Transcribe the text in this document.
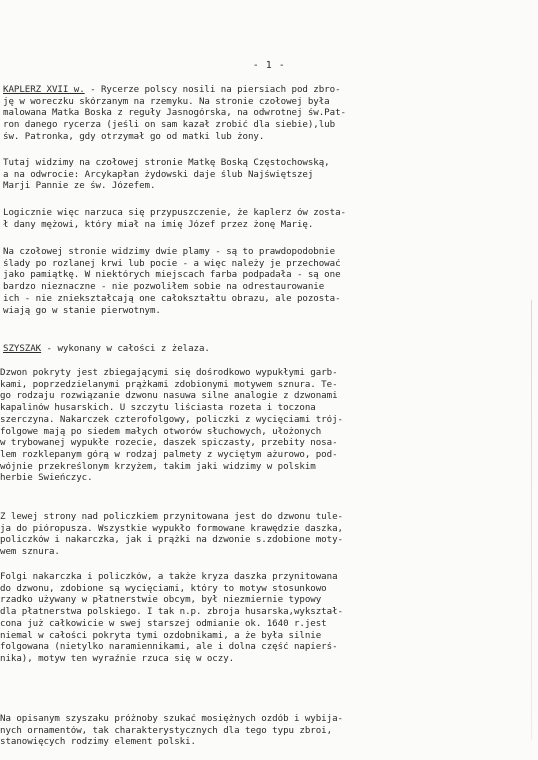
- 1 -
KAPLERZ XVII w. - Rycerze polscy nosili na piersiach pod zbro-
ję w woreczku skórzanym na rzemyku. Na stronie czołowej była
malowana Matka Boska z reguły Jasnogórska, na odwrotnej św.Pat-
ron danego rycerza (jeśli on sam kazał zrobić dla siebie),lub
św. Patronka, gdy otrzymał go od matki lub żony.
Tutaj widzimy na czołowej stronie Matkę Boską Częstochowską,
a na odwrocie: Arcykapłan żydowski daje ślub Najświętszej
Marji Pannie ze św. Józefem.
Logicznie więc narzuca się przypuszczenie, że kaplerz ów zosta-
ł dany mężowi, który miał na imię Józef przez żonę Marię.
Na czołowej stronie widzimy dwie plamy - są to prawdopodobnie
ślady po rozlanej krwi lub pocie - a więc należy je przechować
jako pamiątkę. W niektórych miejscach farba podpadała - są one
bardzo nieznaczne - nie pozwoliłem sobie na odrestaurowanie
ich - nie zniekształcają one całokształtu obrazu, ale pozosta-
wiają go w stanie pierwotnym.
SZYSZAK - wykonany w całości z żelaza.
Dzwon pokryty jest zbiegającymi się dośrodkowo wypukłymi garb-
kami, poprzedzielanymi prążkami zdobionymi motywem sznura. Te-
go rodzaju rozwiązanie dzwonu nasuwa silne analogie z dzwonami
kapalinów husarskich. U szczytu liściasta rozeta i toczona
szerczyna. Nakarczek czterofolgowy, policzki z wycięciami trój-
folgowe mają po siedem małych otworów słuchowych, ułożonych
w trybowanej wypukłe rozecie, daszek spiczasty, przebity nosa-
lem rozklepanym górą w rodzaj palmety z wyciętym ażurowo, pod-
wójnie przekreślonym krzyżem, takim jaki widzimy w polskim
herbie Świeńczyc.
Z lewej strony nad policzkiem przynitowana jest do dzwonu tule-
ja do pióropusza. Wszystkie wypukło formowane krawędzie daszka,
policzków i nakarczka, jak i prążki na dzwonie s.zdobione moty-
wem sznura.
Folgi nakarczka i policzków, a także kryza daszka przynitowana
do dzwonu, zdobione są wycięciami, który to motyw stosunkowo
rzadko używany w płatnerstwie obcym, był niezmiernie typowy
dla płatnerstwa polskiego. I tak n.p. zbroja husarska,wykształ-
cona już całkowicie w swej starszej odmianie ok. 1640 r.jest
niemal w całości pokryta tymi ozdobnikami, a że była silnie
folgowana (nietylko naramiennikami, ale i dolna część napierś-
nika), motyw ten wyraźnie rzuca się w oczy.
Na opisanym szyszaku próżnoby szukać mosiężnych ozdób i wybija-
nych ornamentów, tak charakterystycznych dla tego typu zbroi,
stanowięcych rodzimy element polski.
